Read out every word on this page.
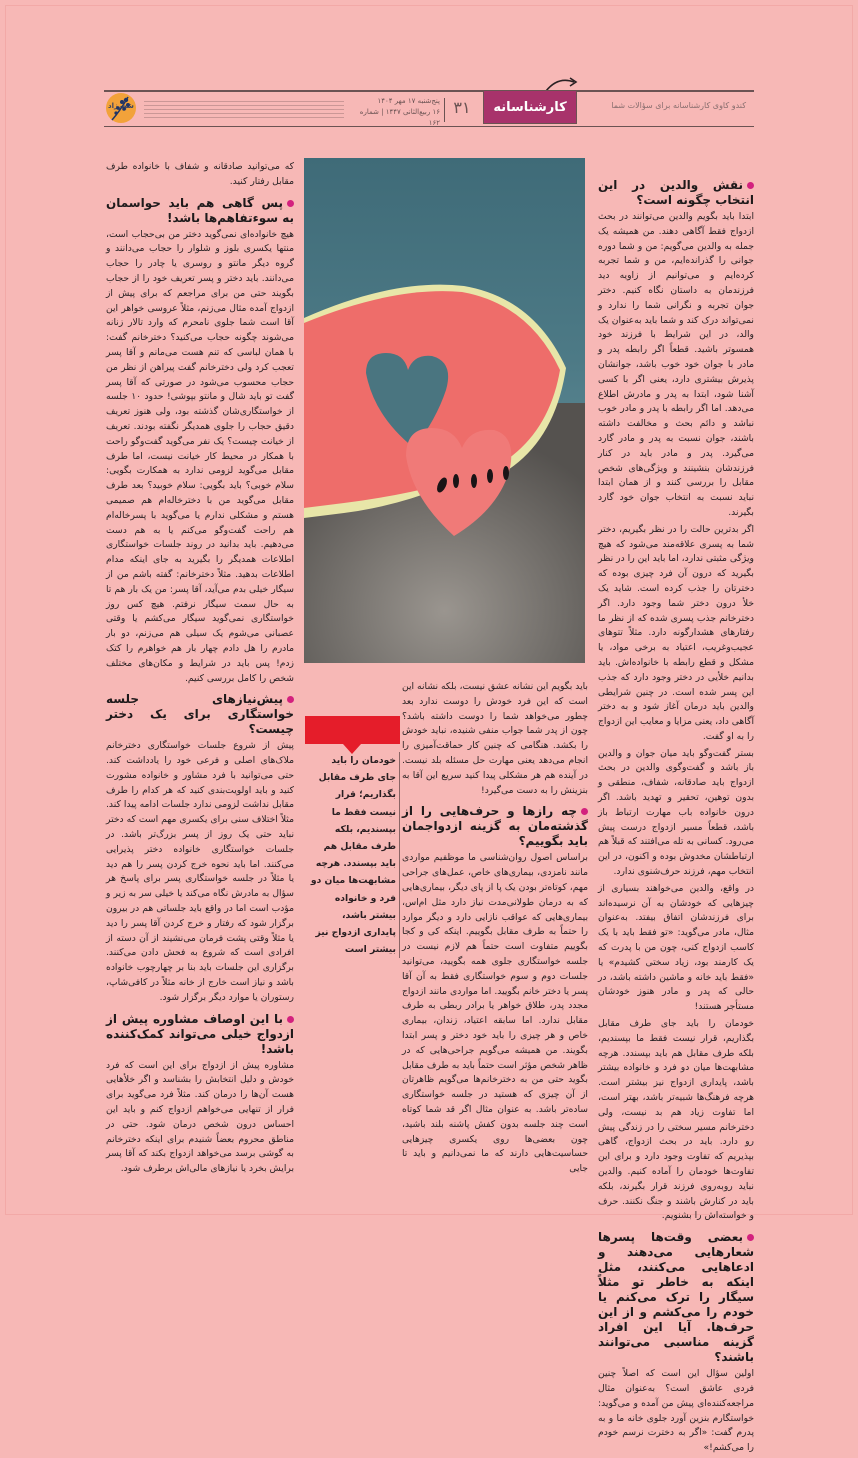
کندو کاوی کارشناسانه برای سؤالات شما
کارشناسانه
۳۱
پنج‌شنبه ۱۷ مهر ۱۴۰۴
۱۶ ربیع‌الثانی ۱۴۴۷ | شماره ۱۶۲
شهرزاد
نقش والدین در این انتخاب چگونه است؟

ابتدا باید بگویم والدین می‌توانند در بحث ازدواج فقط آگاهی دهند. من همیشه یک جمله به والدین می‌گویم: من و شما دوره جوانی را گذرانده‌ایم، من و شما تجربه کرده‌ایم و می‌توانیم از زاویه دید فرزندمان به داستان نگاه کنیم. دختر جوان تجربه و نگرانی شما را ندارد و نمی‌تواند درک کند و شما باید به‌عنوان یک والد، در این شرایط با فرزند خود همسوتر باشید. قطعاً اگر رابطه پدر و مادر با جوان خود خوب باشد، جوانشان پذیرش بیشتری دارد، یعنی اگر با کسی آشنا شود، ابتدا به پدر و مادرش اطلاع می‌دهد. اما اگر رابطه با پدر و مادر خوب نباشد و دائم بحث و مخالفت داشته باشند، جوان نسبت به پدر و مادر گارد می‌گیرد. پدر و مادر باید در کنار فرزندشان بنشینند و ویژگی‌های شخص مقابل را بررسی کنند و از همان ابتدا نباید نسبت به انتخاب جوان خود گارد بگیرند.

اگر بدترین حالت را در نظر بگیریم، دختر شما به پسری علاقه‌مند می‌شود که هیچ ویژگی مثبتی ندارد، اما باید این را در نظر بگیرید که درون آن فرد چیزی بوده که دخترتان را جذب کرده است. شاید یک خلأ درون دختر شما وجود دارد. اگر دخترخانم جذب پسری شده که از نظر ما رفتارهای هشدارگونه دارد. مثلاً تتوهای عجیب‌وغریب، اعتیاد به برخی مواد، یا مشکل و قطع رابطه با خانواده‌اش. باید بدانیم خلأیی در دختر وجود دارد که جذب این پسر شده است. در چنین شرایطی والدین باید درمان آغاز شود و به دختر آگاهی داد، یعنی مزایا و معایب این ازدواج را به او گفت.

بستر گفت‌وگو باید میان جوان و والدین باز باشد و گفت‌وگوی والدین در بحث ازدواج باید صادقانه، شفاف، منطقی و بدون توهین، تحقیر و تهدید باشد. اگر درون خانواده باب مهارت ارتباط باز باشد، قطعاً مسیر ازدواج درست پیش می‌رود. کسانی به تله می‌افتند که قبلاً هم ارتباطشان مخدوش بوده و اکنون، در این انتخاب مهم، فرزند حرف‌شنوی ندارد.

در واقع، والدین می‌خواهند بسیاری از چیزهایی که خودشان به آن نرسیده‌اند برای فرزندشان اتفاق بیفتد. به‌عنوان مثال، مادر می‌گوید: «تو فقط باید با یک کاسب ازدواج کنی، چون من با پدرت که یک کارمند بود، زیاد سختی کشیدم» یا «فقط باید خانه و ماشین داشته باشد، در حالی که پدر و مادر هنوز خودشان مستأجر هستند!

خودمان را باید جای طرف مقابل بگذاریم، قرار نیست فقط ما بپسندیم، بلکه طرف مقابل هم باید بپسندد. هرچه مشابهت‌ها میان دو فرد و خانواده بیشتر باشد، پایداری ازدواج نیز بیشتر است. هرچه فرهنگ‌ها شبیه‌تر باشد، بهتر است، اما تفاوت زیاد هم بد نیست، ولی دخترخانم مسیر سختی را در زندگی پیش رو دارد. باید در بحث ازدواج، گاهی بپذیریم که تفاوت وجود دارد و برای این تفاوت‌ها خودمان را آماده کنیم. والدین نباید رو‌به‌روی فرزند قرار بگیرند، بلکه باید در کنارش باشند و جنگ نکنند. حرف و خواسته‌اش را بشنویم.

بعضی وقت‌ها پسرها شعارهایی می‌دهند و ادعاهایی می‌کنند، مثل اینکه به خاطر تو مثلاً سیگار را ترک می‌کنم یا خودم را می‌کشم و از این حرف‌ها. آیا این افراد گزینه مناسبی می‌توانند باشند؟

اولین سؤال این است که اصلاً چنین فردی عاشق است؟ به‌عنوان مثال مراجعه‌کننده‌ای پیش من آمده و می‌گوید: خواستگارم بنزین آورد جلوی خانه ما و به پدرم گفت: «اگر به دخترت نرسم خودم را می‌کشم!»

خودمان را باید جای طرف مقابل بگذاریم؛ قرار نیست فقط ما بپسندیم، بلکه طرف مقابل هم باید بپسندد. هرچه مشابهت‌ها میان دو فرد و خانواده بیشتر باشد، پایداری ازدواج نیز بیشتر است

باید بگویم این نشانه عشق نیست، بلکه نشانه این است که این فرد خودش را دوست ندارد بعد چطور می‌خواهد شما را دوست داشته باشد؟ چون از پدر شما جواب منفی شنیده، نباید خودش را بکشد. هنگامی که چنین کار حماقت‌آمیزی را انجام می‌دهد یعنی مهارت حل مسئله بلد نیست. در آینده هم هر مشکلی پیدا کنید سریع این آقا به بنزینش را به دست می‌گیرد!

چه رازها و حرف‌هایی را از گذشته‌مان به گزینه ازدواجمان باید بگوییم؟

براساس اصول روان‌شناسی ما موظفیم مواردی مانند نامزدی، بیماری‌های خاص، عمل‌های جراحی مهم، کوتاه‌تر بودن یک پا از پای دیگر، بیماری‌هایی که به درمان طولانی‌مدت نیاز دارد مثل ام‌اس، بیماری‌هایی که عواقب ناز‌ایی دارد و دیگر موارد را حتماً به طرف مقابل بگوییم. اینکه کی و کجا بگوییم متفاوت است حتماً هم لازم نیست در جلسه خواستگاری جلوی همه بگویید، می‌توانید جلسات دوم و سوم خواستگاری فقط به آن آقا پسر یا دختر خانم بگویید. اما مواردی مانند ازدواج مجدد پدر، طلاق خواهر یا برادر ربطی به طرف مقابل ندارد. اما سابقه اعتیاد، زندان، بیماری خاص و هر چیزی را باید خود دختر و پسر ابتدا بگویند. من همیشه می‌گویم جراحی‌هایی که در ظاهر شخص مؤثر است حتماً باید به طرف مقابل بگوید حتی من به دخترخانم‌ها می‌گویم ظاهرتان از آن چیزی که هستید در جلسه خواستگاری ساده‌تر باشد. به عنوان مثال اگر قد شما کوتاه است چند جلسه بدون کفش پاشنه بلند باشید، چون بعضی‌ها روی یکسری چیزهایی حساسیت‌هایی دارند که ما نمی‌دانیم و باید تا جایی

که می‌توانید صادقانه و شفاف با خانواده طرف مقابل رفتار کنید.

پس گاهی هم باید حواسمان به سوءتفاهم‌ها باشد!

هیچ خانواده‌ای نمی‌گوید دختر من بی‌حجاب است، منتها یکسری بلوز و شلوار را حجاب می‌دانند و گروه دیگر مانتو و روسری یا چادر را حجاب می‌دانند. باید دختر و پسر تعریف خود را از حجاب بگویند حتی من برای مراجعم که برای پیش از ازدواج آمده مثال می‌زنم، مثلاً عروسی خواهر این آقا است شما جلوی نامحرم که وارد تالار زنانه می‌شوند چگونه حجاب می‌کنید؟ دخترخانم گفت: با همان لباسی که تنم هست می‌مانم و آقا پسر تعجب کرد ولی دخترخانم گفت پیراهن از نظر من حجاب محسوب می‌شود در صورتی که آقا پسر گفت تو باید شال و مانتو بپوشی! حدود ۱۰ جلسه از خواستگاری‌شان گذشته بود، ولی هنوز تعریف دقیق حجاب را جلوی همدیگر نگفته بودند. تعریف از خیانت چیست؟ یک نفر می‌گوید گفت‌وگو راحت با همکار در محیط کار خیانت نیست، اما طرف مقابل می‌گوید لزومی ندارد به همکارت بگویی: سلام خوبی؟ باید بگویی: سلام خوبید؟ بعد طرف مقابل می‌گوید من با دخترخاله‌ام هم صمیمی هستم و مشکلی ندارم یا می‌گوید با پسرخاله‌ام هم راحت گفت‌وگو می‌کنم یا به هم دست می‌دهیم. باید بدانید در روند جلسات خواستگاری اطلاعات همدیگر را بگیرید به جای اینکه مدام اطلاعات بدهید. مثلاً دخترخانم: گفته باشم من از سیگار خیلی بدم می‌آید، آقا پسر: من یک بار هم تا به حال سمت سیگار نرفتم. هیچ کس روز خواستگاری نمی‌گوید سیگار می‌کشم یا وقتی عصبانی می‌شوم یک سیلی هم می‌زنم، دو بار مادرم را هل دادم چهار بار هم خواهرم را کتک زدم! پس باید در شرایط و مکان‌های مختلف شخص را کامل بررسی کنیم.

پیش‌نیازهای جلسه خواستگاری برای یک دختر چیست؟

پیش از شروع جلسات خواستگاری دخترخانم ملاک‌های اصلی و فرعی خود را یادداشت کند. حتی می‌توانید با فرد مشاور و خانواده مشورت کنید و باید اولویت‌بندی کنید که هر کدام را طرف مقابل نداشت لزومی ندارد جلسات ادامه پیدا کند. مثلاً اختلاف سنی برای یکسری مهم است که دختر نباید حتی یک روز از پسر بزرگ‌تر باشد. در جلسات خواستگاری خانواده دختر پذیرایی می‌کنند. اما باید نحوه خرج کردن پسر را هم دید یا مثلاً در جلسه خواستگاری پسر برای پاسخ هر سؤال به مادرش نگاه می‌کند یا خیلی سر به زیر و مؤدب است اما در واقع باید جلساتی هم در بیرون برگزار شود که رفتار و خرج کردن آقا پسر را دید یا مثلاً وقتی پشت فرمان می‌نشیند از آن دسته از افرادی است که شروع به فحش دادن می‌کنند. برگزاری این جلسات باید بنا بر چهارچوب خانواده باشد و نیاز است خارج از خانه مثلاً در کافی‌شاپ، رستوران یا موارد دیگر برگزار شود.

با این اوصاف مشاوره پیش از ازدواج خیلی می‌تواند کمک‌کننده باشد!

مشاوره پیش از ازدواج برای این است که فرد خودش و دلیل انتخابش را بشناسد و اگر خلأهایی هست آن‌ها را درمان کند. مثلاً فرد می‌گوید برای فرار از تنهایی می‌خواهم ازدواج کنم و باید این احساس درون شخص درمان شود. حتی در مناطق محروم بعضاً شنیدم برای اینکه دخترخانم به گوشی برسد می‌خواهد ازدواج بکند که آقا پسر برایش بخرد یا نیازهای مالی‌اش برطرف شود.
